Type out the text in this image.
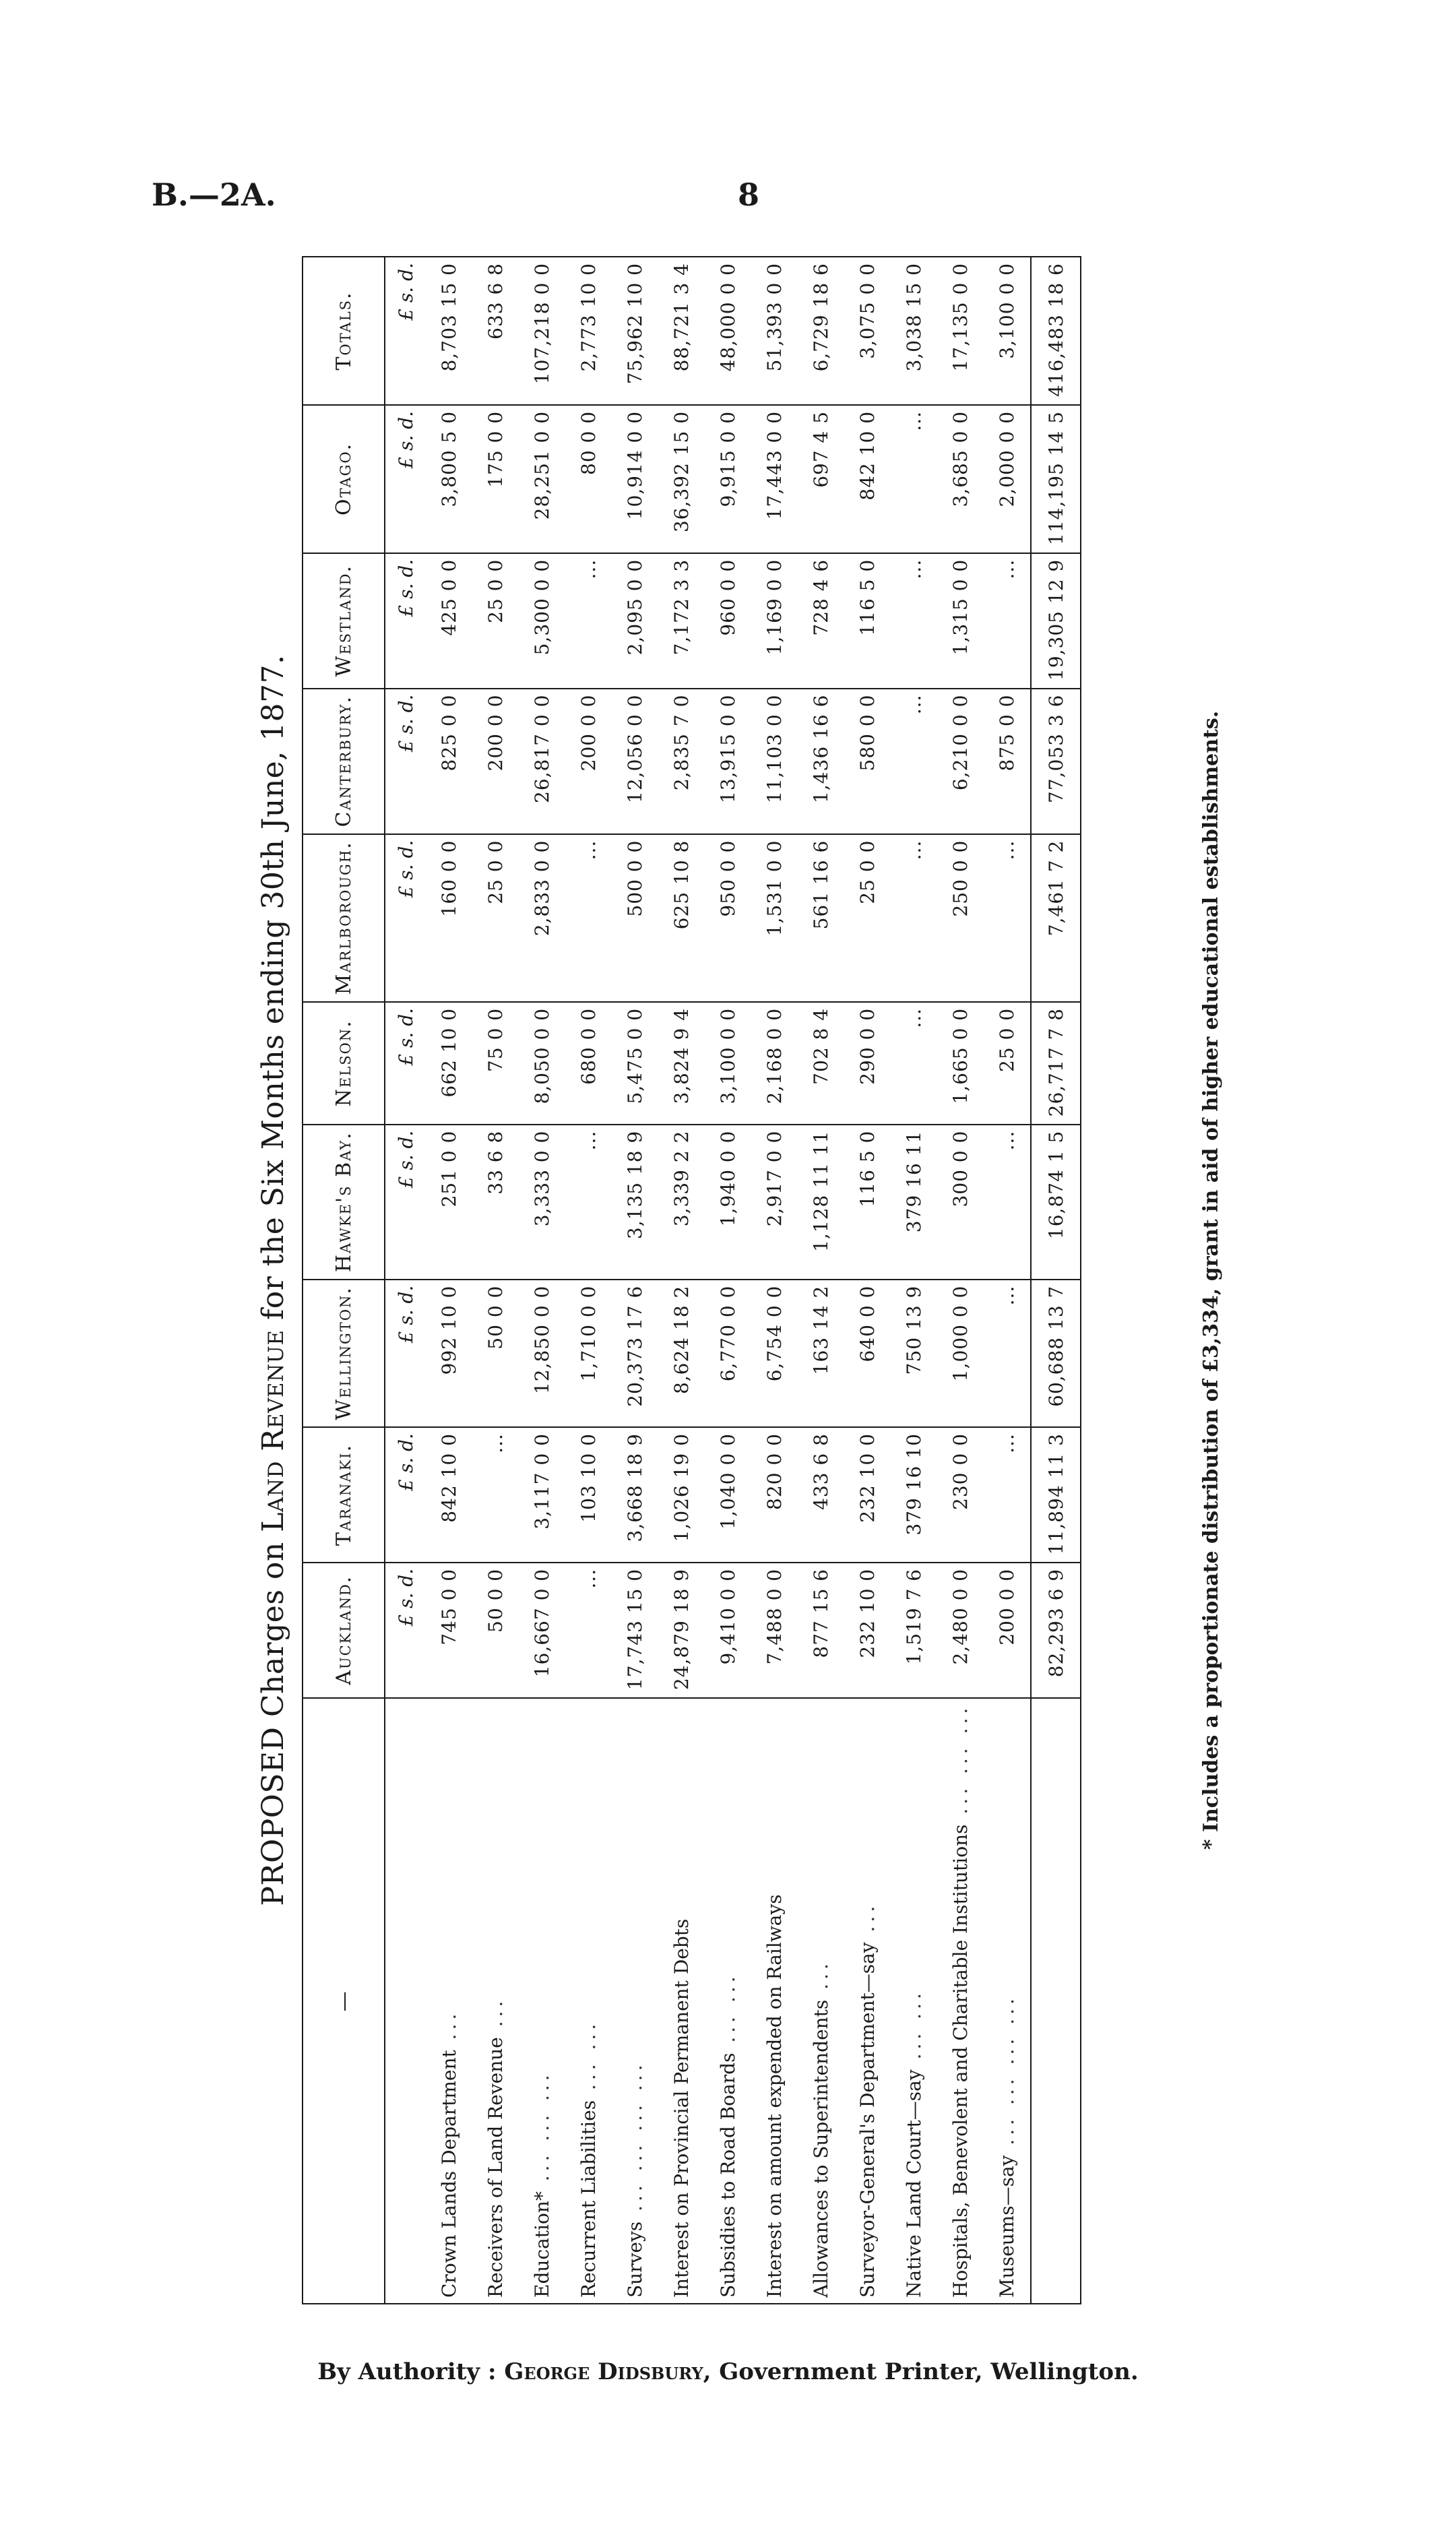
B.—2A.	8
PROPOSED Charges on Land Revenue for the Six Months ending 30th June, 1877.
—	Auckland.	Taranaki.	Wellington.	Hawke's Bay.	Nelson.	Marlborough.	Canterbury.	Westland.	Otago.	Totals.
	£ s. d.	£ s. d.	£ s. d.	£ s. d.	£ s. d.	£ s. d.	£ s. d.	£ s. d.	£ s. d.	£ s. d.
Crown Lands Department ...	745 0 0	842 10 0	992 10 0	251 0 0	662 10 0	160 0 0	825 0 0	425 0 0	3,800 5 0	8,703 15 0
Receivers of Land Revenue ...	50 0 0	...	50 0 0	33 6 8	75 0 0	25 0 0	200 0 0	25 0 0	175 0 0	633 6 8
Education* ... ... ...	16,667 0 0	3,117 0 0	12,850 0 0	3,333 0 0	8,050 0 0	2,833 0 0	26,817 0 0	5,300 0 0	28,251 0 0	107,218 0 0
Recurrent Liabilities ... ...	...	103 10 0	1,710 0 0	...	680 0 0	...	200 0 0	...	80 0 0	2,773 10 0
Surveys ... ... ... ...	17,743 15 0	3,668 18 9	20,373 17 6	3,135 18 9	5,475 0 0	500 0 0	12,056 0 0	2,095 0 0	10,914 0 0	75,962 10 0
Interest on Provincial Permanent Debts	24,879 18 9	1,026 19 0	8,624 18 2	3,339 2 2	3,824 9 4	625 10 8	2,835 7 0	7,172 3 3	36,392 15 0	88,721 3 4
Subsidies to Road Boards ... ...	9,410 0 0	1,040 0 0	6,770 0 0	1,940 0 0	3,100 0 0	950 0 0	13,915 0 0	960 0 0	9,915 0 0	48,000 0 0
Interest on amount expended on Railways	7,488 0 0	820 0 0	6,754 0 0	2,917 0 0	2,168 0 0	1,531 0 0	11,103 0 0	1,169 0 0	17,443 0 0	51,393 0 0
Allowances to Superintendents ...	877 15 6	433 6 8	163 14 2	1,128 11 11	702 8 4	561 16 6	1,436 16 6	728 4 6	697 4 5	6,729 18 6
Surveyor-General's Department—say ...	232 10 0	232 10 0	640 0 0	116 5 0	290 0 0	25 0 0	580 0 0	116 5 0	842 10 0	3,075 0 0
Native Land Court—say ... ...	1,519 7 6	379 16 10	750 13 9	379 16 11	...	...	...	...	...	3,038 15 0
Hospitals, Benevolent and Charitable Institutions ... ... ...	2,480 0 0	230 0 0	1,000 0 0	300 0 0	1,665 0 0	250 0 0	6,210 0 0	1,315 0 0	3,685 0 0	17,135 0 0
Museums—say ... ... ... ...	200 0 0	...	...	...	25 0 0	...	875 0 0	...	2,000 0 0	3,100 0 0
	82,293 6 9	11,894 11 3	60,688 13 7	16,874 1 5	26,717 7 8	7,461 7 2	77,053 3 6	19,305 12 9	114,195 14 5	416,483 18 6
* Includes a proportionate distribution of £3,334, grant in aid of higher educational establishments.
By Authority : George Didsbury, Government Printer, Wellington.
